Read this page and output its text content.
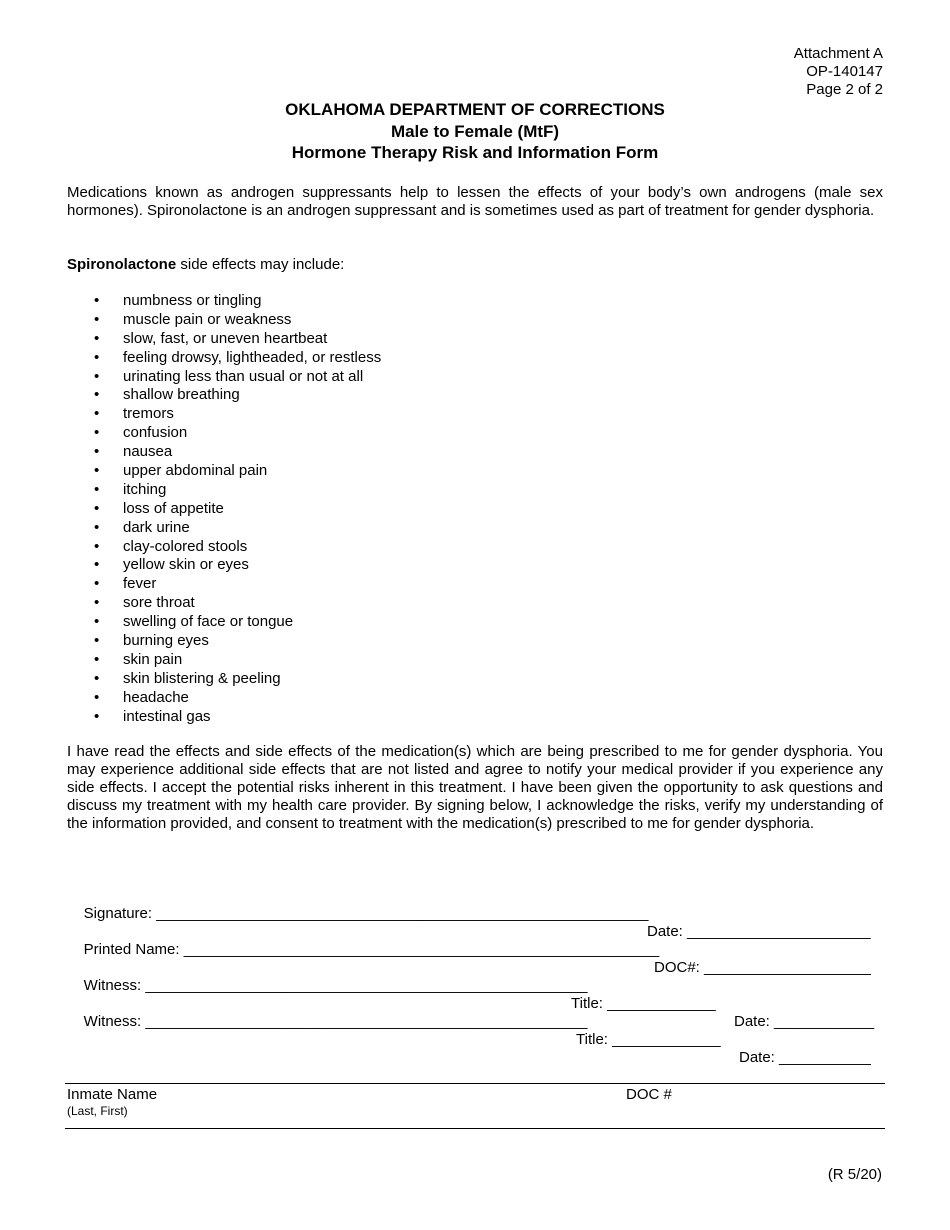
Attachment A
OP-140147
Page 2 of 2
OKLAHOMA DEPARTMENT OF CORRECTIONS
Male to Female (MtF)
Hormone Therapy Risk and Information Form

Medications known as androgen suppressants help to lessen the effects of your body’s own androgens (male sex hormones). Spironolactone is an androgen suppressant and is sometimes used as part of treatment for gender dysphoria.

Spironolactone side effects may include:

• numbness or tingling
• muscle pain or weakness
• slow, fast, or uneven heartbeat
• feeling drowsy, lightheaded, or restless
• urinating less than usual or not at all
• shallow breathing
• tremors
• confusion
• nausea
• upper abdominal pain
• itching
• loss of appetite
• dark urine
• clay-colored stools
• yellow skin or eyes
• fever
• sore throat
• swelling of face or tongue
• burning eyes
• skin pain
• skin blistering & peeling
• headache
• intestinal gas

I have read the effects and side effects of the medication(s) which are being prescribed to me for gender dysphoria. You may experience additional side effects that are not listed and agree to notify your medical provider if you experience any side effects. I accept the potential risks inherent in this treatment. I have been given the opportunity to ask questions and discuss my treatment with my health care provider. By signing below, I acknowledge the risks, verify my understanding of the information provided, and consent to treatment with the medication(s) prescribed to me for gender dysphoria.

Signature: ___________________________________________________________

Date: ______________________

Printed Name: _________________________________________________________

DOC#: ____________________

Witness: _____________________________________________________

Title: _____________

Date: ____________

Witness: _____________________________________________________

Title: _____________

Date: ___________

Inmate Name
(Last, First)
DOC #
(R 5/20)
